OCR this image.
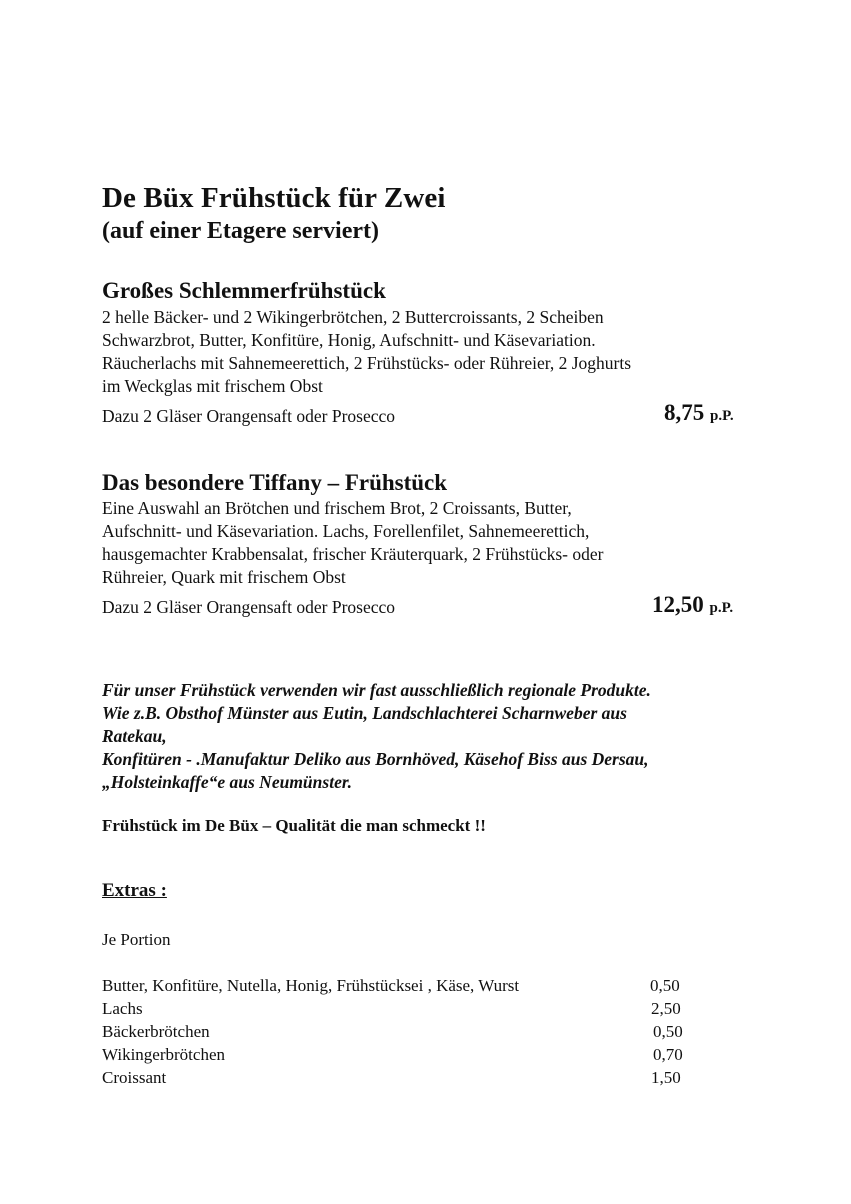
De Büx Frühstück für Zwei
(auf einer Etagere serviert)
Großes Schlemmerfrühstück
2 helle Bäcker- und 2 Wikingerbrötchen, 2 Buttercroissants, 2 Scheiben
Schwarzbrot, Butter, Konfitüre, Honig, Aufschnitt- und Käsevariation.
Räucherlachs mit Sahnemeerettich, 2 Frühstücks- oder Rühreier, 2 Joghurts
im Weckglas mit frischem Obst
Dazu 2 Gläser Orangensaft oder Prosecco	8,75 p.P.
Das besondere Tiffany – Frühstück
Eine Auswahl an Brötchen und frischem Brot, 2 Croissants, Butter,
Aufschnitt- und Käsevariation. Lachs, Forellenfilet, Sahnemeerettich,
hausgemachter Krabbensalat, frischer Kräuterquark, 2 Frühstücks- oder
Rühreier, Quark mit frischem Obst
Dazu 2 Gläser Orangensaft oder Prosecco	12,50 p.P.
Für unser Frühstück verwenden wir fast ausschließlich regionale Produkte.
Wie z.B. Obsthof Münster aus Eutin, Landschlachterei Scharnweber aus
Ratekau,
Konfitüren - .Manufaktur Deliko aus Bornhöved, Käsehof Biss aus Dersau,
„Holsteinkaffe“e aus Neumünster.
Frühstück im De Büx – Qualität die man schmeckt !!
Extras :
Je Portion
Butter, Konfitüre, Nutella, Honig, Frühstücksei , Käse, Wurst	0,50
Lachs	2,50
Bäckerbrötchen	0,50
Wikingerbrötchen	0,70
Croissant	1,50
